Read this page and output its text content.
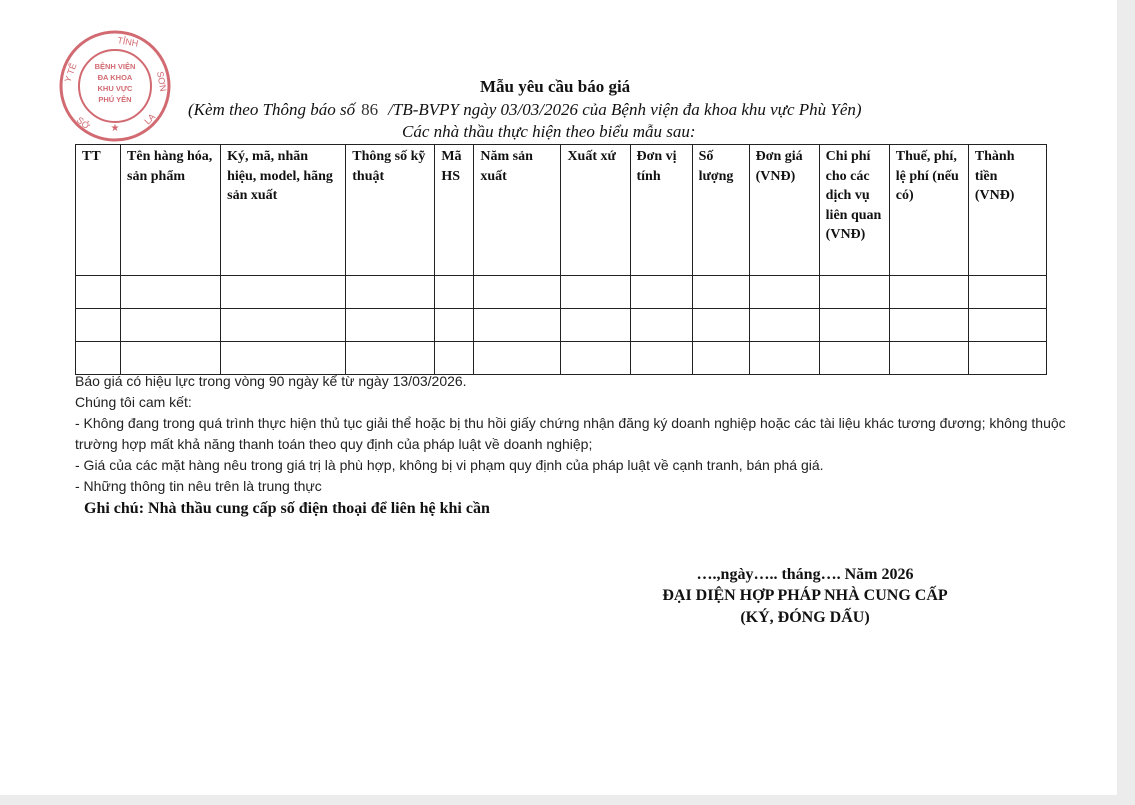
TỈNH
SƠN
Y TẾ
SỞ	LA
★
BỆNH VIỆN
ĐA KHOA
KHU VỰC
PHÚ YÊN
Mẫu yêu cầu báo giá
(Kèm theo Thông báo số 86 /TB-BVPY ngày 03/03/2026 của Bệnh viện đa khoa khu vực Phù Yên)
Các nhà thầu thực hiện theo biểu mẫu sau:
TT	Tên hàng hóa, sản phẩm	Ký, mã, nhãn hiệu, model, hãng sản xuất	Thông số kỹ thuật	Mã HS	Năm sản xuất	Xuất xứ	Đơn vị tính	Số lượng	Đơn giá (VNĐ)	Chi phí cho các dịch vụ liên quan (VNĐ)	Thuế, phí, lệ phí (nếu có)	Thành tiền (VNĐ)

Báo giá có hiệu lực trong vòng 90 ngày kể từ ngày 13/03/2026.

Chúng tôi cam kết:

- Không đang trong quá trình thực hiện thủ tục giải thể hoặc bị thu hồi giấy chứng nhận đăng ký doanh nghiệp hoặc các tài liệu khác tương đương; không thuộc trường hợp mất khả năng thanh toán theo quy định của pháp luật về doanh nghiệp;

- Giá của các mặt hàng nêu trong giá trị là phù hợp, không bị vi phạm quy định của pháp luật về cạnh tranh, bán phá giá.

- Những thông tin nêu trên là trung thực

Ghi chú: Nhà thầu cung cấp số điện thoại để liên hệ khi cần
….,ngày….. tháng…. Năm 2026
ĐẠI DIỆN HỢP PHÁP NHÀ CUNG CẤP
(KÝ, ĐÓNG DẤU)
